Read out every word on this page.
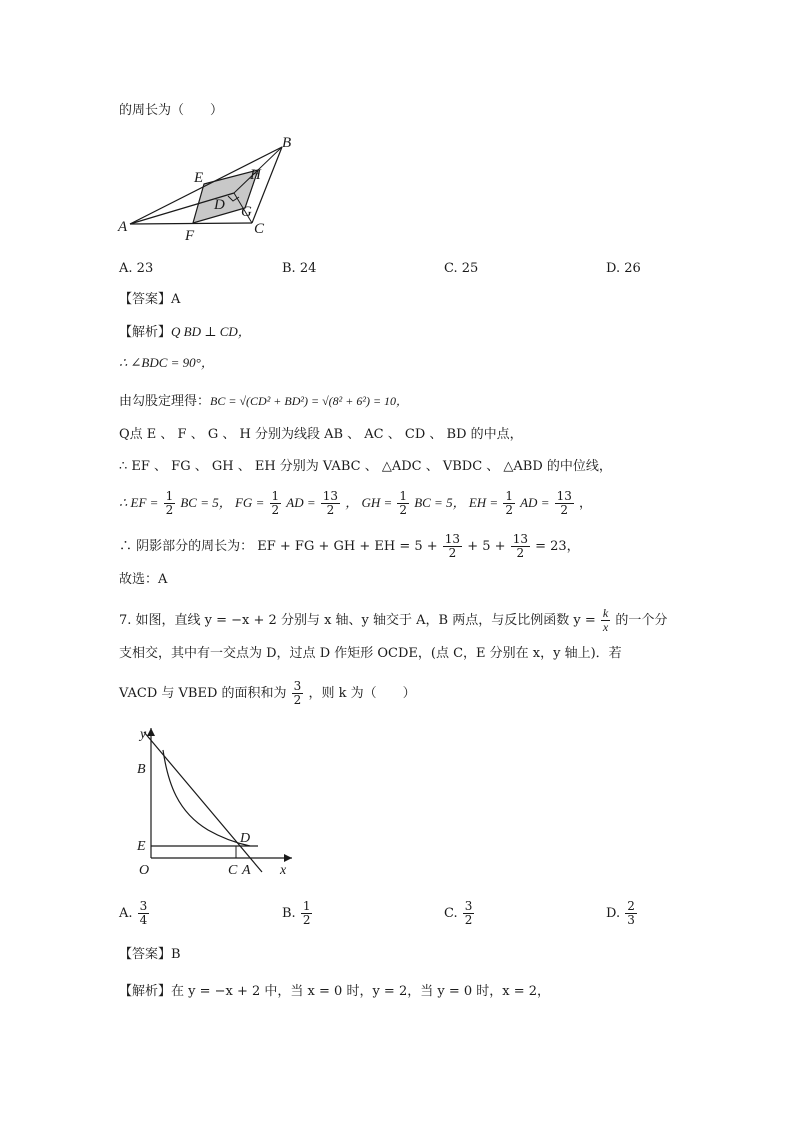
的周长为（　　）
A
B
C
D
E
F
G
H
A. 23	B. 24	C. 25	D. 26
【答案】A
【解析】Q BD ⊥ CD，
∴ ∠BDC = 90°，
由勾股定理得：BC = √(CD² + BD²) = √(8² + 6²) = 10，
Q点 E 、 F 、 G 、 H 分别为线段 AB 、 AC 、 CD 、 BD 的中点，
∴ EF 、 FG 、 GH 、 EH 分别为 VABC 、 △ADC 、 VBDC 、 △ABD 的中位线，
∴ EF = $\frac{1}{2}$ BC = 5， FG = $\frac{1}{2}$ AD = $\frac{13}{2}$ ， GH = $\frac{1}{2}$ BC = 5， EH = $\frac{1}{2}$ AD = $\frac{13}{2}$ ，
∴ 阴影部分的周长为： EF + FG + GH + EH = $5 + \frac{13}{2} + 5 + \frac{13}{2} = 23$，
故选：A
7. 如图，直线 y = −x + 2 分别与 x 轴、y 轴交于 A，B 两点，与反比例函数 $y = \frac{k}{x}$ 的一个分
支相交，其中有一交点为 D，过点 D 作矩形 OCDE，(点 C，E 分别在 x，y 轴上)．若
VACD 与 VBED 的面积和为 $\frac{3}{2}$ ，则 k 为（　　）
y
B
E
O	C A
D
x
A. $\frac{3}{4}$	B. $\frac{1}{2}$	C. $\frac{3}{2}$	D. $\frac{2}{3}$
【答案】B
【解析】在 y = −x + 2 中，当 x = 0 时，y = 2，当 y = 0 时，x = 2，
